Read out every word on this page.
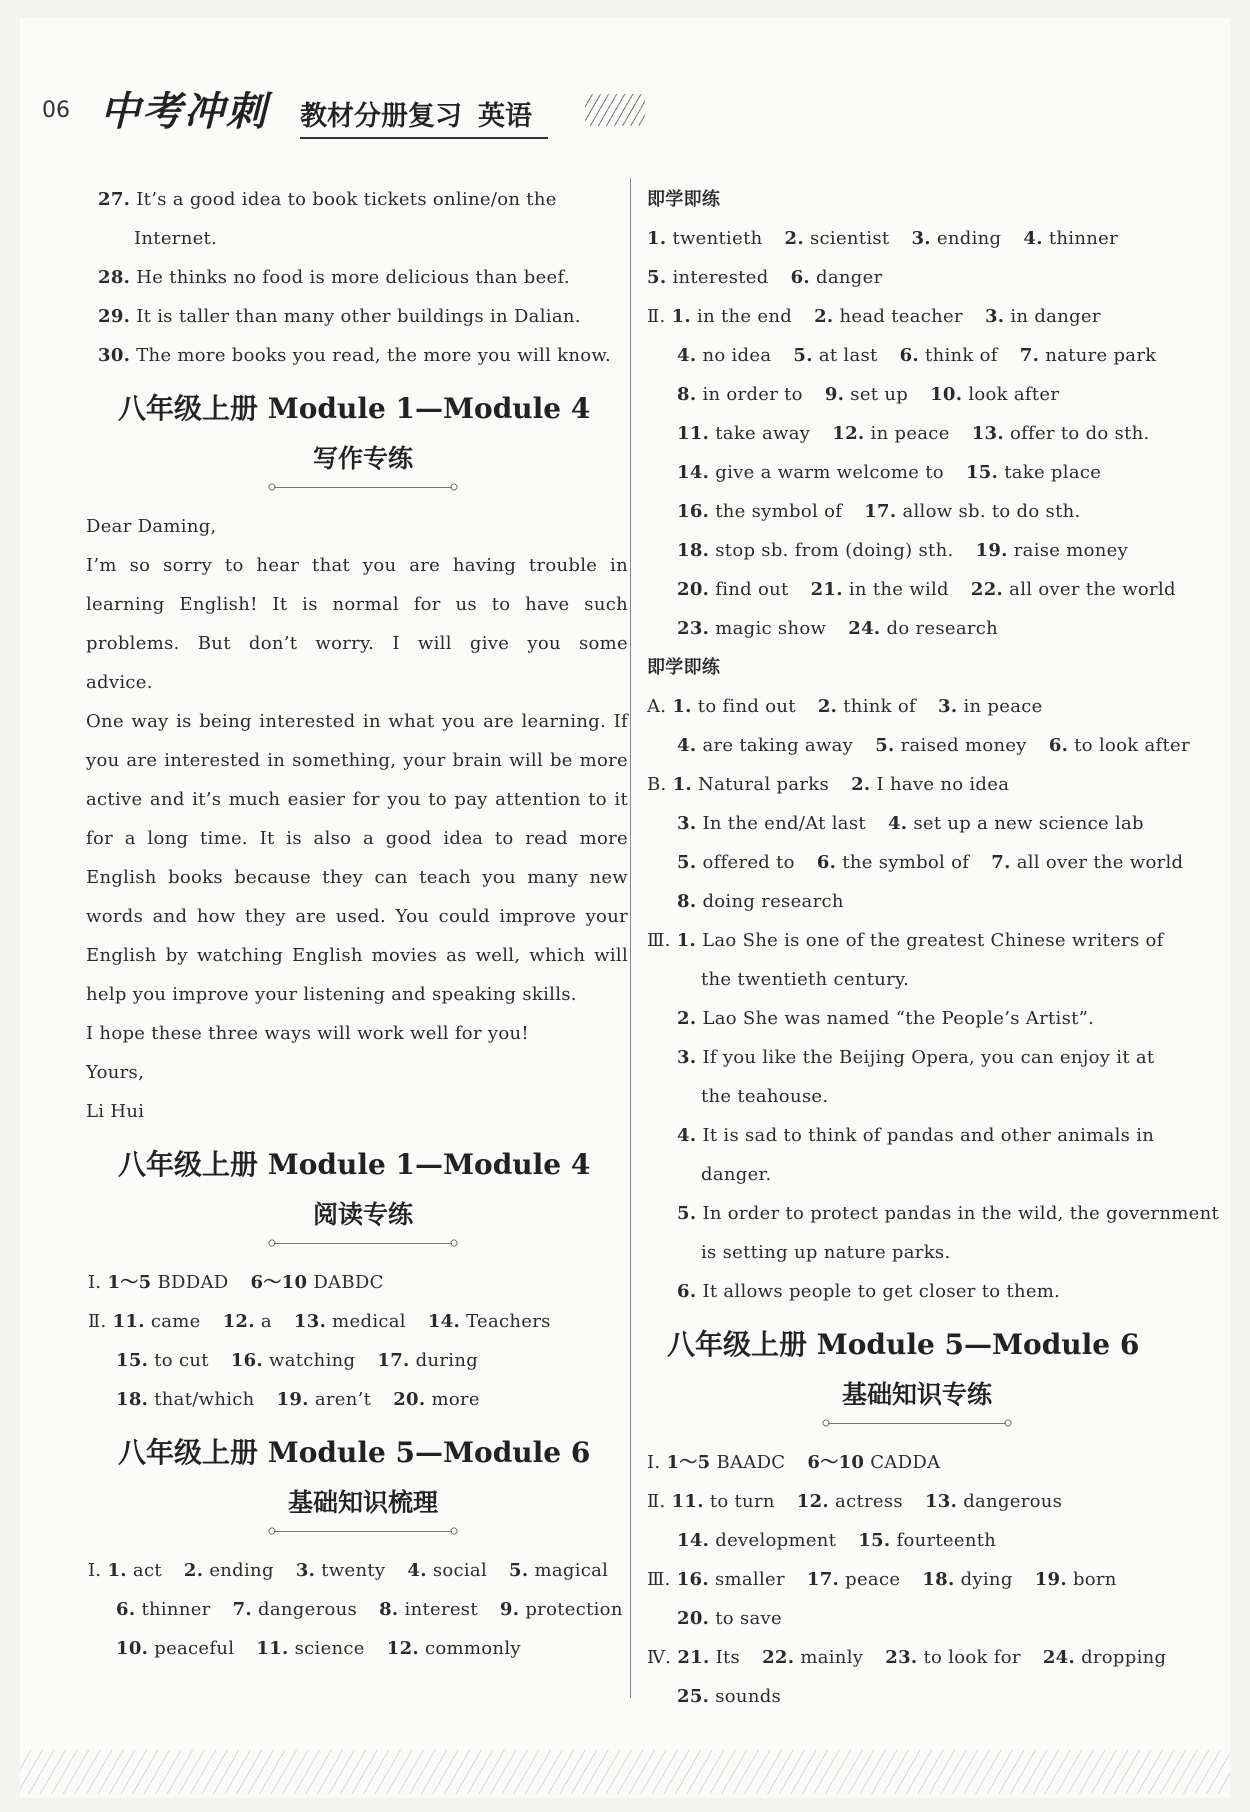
06 中考冲刺 教材分册复习 英语
27. It’s a good idea to book tickets online/on the
Internet.
28. He thinks no food is more delicious than beef.
29. It is taller than many other buildings in Dalian.
30. The more books you read, the more you will know.
八年级上册 Module 1—Module 4
写作专练
Dear Daming,
I’m so sorry to hear that you are having trouble in
learning English! It is normal for us to have such
problems. But don’t worry. I will give you some
advice.
One way is being interested in what you are learning. If
you are interested in something, your brain will be more
active and it’s much easier for you to pay attention to it
for a long time. It is also a good idea to read more
English books because they can teach you many new
words and how they are used. You could improve your
English by watching English movies as well, which will
help you improve your listening and speaking skills.
I hope these three ways will work well for you!
Yours,
Li Hui
八年级上册 Module 1—Module 4
阅读专练
Ⅰ. 1～5 BDDAD 6～10 DABDC
Ⅱ. 11. came 12. a 13. medical 14. Teachers
15. to cut 16. watching 17. during
18. that/which 19. aren’t 20. more
八年级上册 Module 5—Module 6
基础知识梳理
Ⅰ. 1. act 2. ending 3. twenty 4. social 5. magical
6. thinner 7. dangerous 8. interest 9. protection
10. peaceful 11. science 12. commonly
即学即练
1. twentieth 2. scientist 3. ending 4. thinner
5. interested 6. danger
Ⅱ. 1. in the end 2. head teacher 3. in danger
4. no idea 5. at last 6. think of 7. nature park
8. in order to 9. set up 10. look after
11. take away 12. in peace 13. offer to do sth.
14. give a warm welcome to 15. take place
16. the symbol of 17. allow sb. to do sth.
18. stop sb. from (doing) sth. 19. raise money
20. find out 21. in the wild 22. all over the world
23. magic show 24. do research
即学即练
A. 1. to find out 2. think of 3. in peace
4. are taking away 5. raised money 6. to look after
B. 1. Natural parks 2. I have no idea
3. In the end/At last 4. set up a new science lab
5. offered to 6. the symbol of 7. all over the world
8. doing research
Ⅲ. 1. Lao She is one of the greatest Chinese writers of
the twentieth century.
2. Lao She was named “the People’s Artist”.
3. If you like the Beijing Opera, you can enjoy it at
the teahouse.
4. It is sad to think of pandas and other animals in
danger.
5. In order to protect pandas in the wild, the government
is setting up nature parks.
6. It allows people to get closer to them.
八年级上册 Module 5—Module 6
基础知识专练
Ⅰ. 1～5 BAADC 6～10 CADDA
Ⅱ. 11. to turn 12. actress 13. dangerous
14. development 15. fourteenth
Ⅲ. 16. smaller 17. peace 18. dying 19. born
20. to save
Ⅳ. 21. Its 22. mainly 23. to look for 24. dropping
25. sounds
